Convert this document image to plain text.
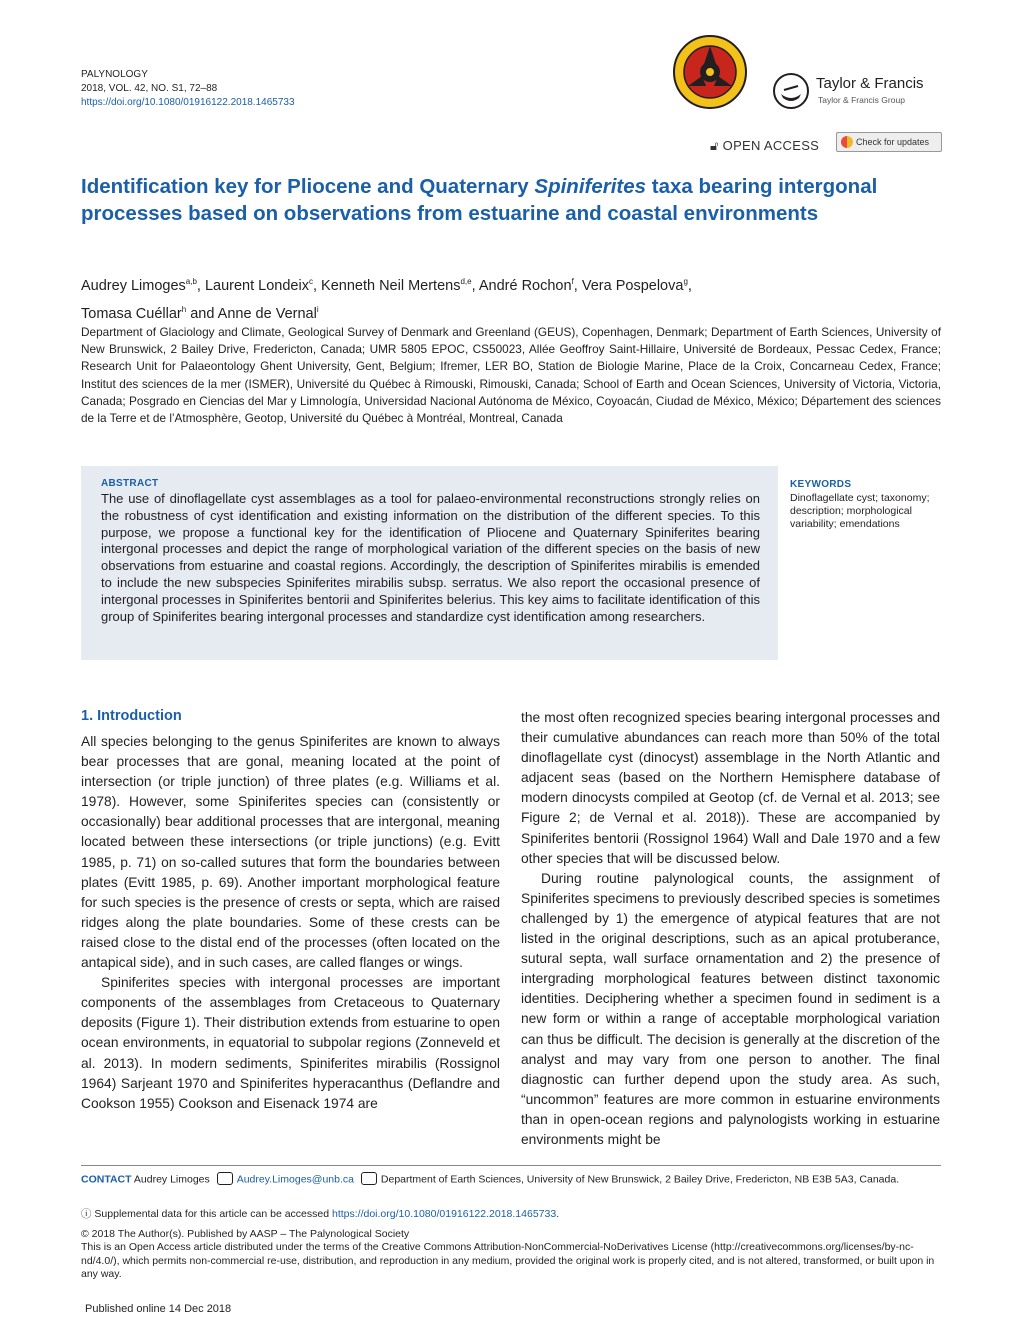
PALYNOLOGY
2018, VOL. 42, NO. S1, 72–88
https://doi.org/10.1080/01916122.2018.1465733
Taylor & Francis
Taylor & Francis Group
🔓︎ OPEN ACCESS	Check for updates
Identification key for Pliocene and Quaternary Spiniferites taxa bearing intergonal processes based on observations from estuarine and coastal environments
Audrey Limoges$^{a,b}$, Laurent Londeix$^c$, Kenneth Neil Mertens$^{d,e}$, André Rochon$^f$, Vera Pospelova$^g$,
Tomasa Cuéllar$^h$ and Anne de Vernal$^i$
Department of Glaciology and Climate, Geological Survey of Denmark and Greenland (GEUS), Copenhagen, Denmark; Department of Earth Sciences, University of New Brunswick, 2 Bailey Drive, Fredericton, Canada; UMR 5805 EPOC, CS50023, Allée Geoffroy Saint-Hillaire, Université de Bordeaux, Pessac Cedex, France; Research Unit for Palaeontology Ghent University, Gent, Belgium; Ifremer, LER BO, Station de Biologie Marine, Place de la Croix, Concarneau Cedex, France; Institut des sciences de la mer (ISMER), Université du Québec à Rimouski, Rimouski, Canada; School of Earth and Ocean Sciences, University of Victoria, Victoria, Canada; Posgrado en Ciencias del Mar y Limnología, Universidad Nacional Autónoma de México, Coyoacán, Ciudad de México, México; Département des sciences de la Terre et de l’Atmosphère, Geotop, Université du Québec à Montréal, Montreal, Canada
ABSTRACT
The use of dinoflagellate cyst assemblages as a tool for palaeo-environmental reconstructions strongly relies on the robustness of cyst identification and existing information on the distribution of the different species. To this purpose, we propose a functional key for the identification of Pliocene and Quaternary Spiniferites bearing intergonal processes and depict the range of morphological variation of the different species on the basis of new observations from estuarine and coastal regions. Accordingly, the description of Spiniferites mirabilis is emended to include the new subspecies Spiniferites mirabilis subsp. serratus. We also report the occasional presence of intergonal processes in Spiniferites bentorii and Spiniferites belerius. This key aims to facilitate identification of this group of Spiniferites bearing intergonal processes and standardize cyst identification among researchers.
KEYWORDS
Dinoflagellate cyst; taxonomy; description; morphological variability; emendations
1. Introduction

All species belonging to the genus Spiniferites are known to always bear processes that are gonal, meaning located at the point of intersection (or triple junction) of three plates (e.g. Williams et al. 1978). However, some Spiniferites species can (consistently or occasionally) bear additional processes that are intergonal, meaning located between these intersections (or triple junctions) (e.g. Evitt 1985, p. 71) on so-called sutures that form the boundaries between plates (Evitt 1985, p. 69). Another important morphological feature for such species is the presence of crests or septa, which are raised ridges along the plate boundaries. Some of these crests can be raised close to the distal end of the processes (often located on the antapical side), and in such cases, are called flanges or wings.

Spiniferites species with intergonal processes are important components of the assemblages from Cretaceous to Quaternary deposits (Figure 1). Their distribution extends from estuarine to open ocean environments, in equatorial to subpolar regions (Zonneveld et al. 2013). In modern sediments, Spiniferites mirabilis (Rossignol 1964) Sarjeant 1970 and Spiniferites hyperacanthus (Deflandre and Cookson 1955) Cookson and Eisenack 1974 are

the most often recognized species bearing intergonal processes and their cumulative abundances can reach more than 50% of the total dinoflagellate cyst (dinocyst) assemblage in the North Atlantic and adjacent seas (based on the Northern Hemisphere database of modern dinocysts compiled at Geotop (cf. de Vernal et al. 2013; see Figure 2; de Vernal et al. 2018)). These are accompanied by Spiniferites bentorii (Rossignol 1964) Wall and Dale 1970 and a few other species that will be discussed below.

During routine palynological counts, the assignment of Spiniferites specimens to previously described species is sometimes challenged by 1) the emergence of atypical features that are not listed in the original descriptions, such as an apical protuberance, sutural septa, wall surface ornamentation and 2) the presence of intergrading morphological features between distinct taxonomic identities. Deciphering whether a specimen found in sediment is a new form or within a range of acceptable morphological variation can thus be difficult. The decision is generally at the discretion of the analyst and may vary from one person to another. The final diagnostic can further depend upon the study area. As such, “uncommon” features are more common in estuarine environments than in open-ocean regions and palynologists working in estuarine environments might be

CONTACT Audrey Limoges	Audrey.Limoges@unb.ca	Department of Earth Sciences, University of New Brunswick, 2 Bailey Drive, Fredericton, NB E3B 5A3, Canada.
ⓘ Supplemental data for this article can be accessed https://doi.org/10.1080/01916122.2018.1465733.
© 2018 The Author(s). Published by AASP – The Palynological Society
This is an Open Access article distributed under the terms of the Creative Commons Attribution-NonCommercial-NoDerivatives License (http://creativecommons.org/licenses/by-nc-nd/4.0/), which permits non-commercial re-use, distribution, and reproduction in any medium, provided the original work is properly cited, and is not altered, transformed, or built upon in any way.
Published online 14 Dec 2018
